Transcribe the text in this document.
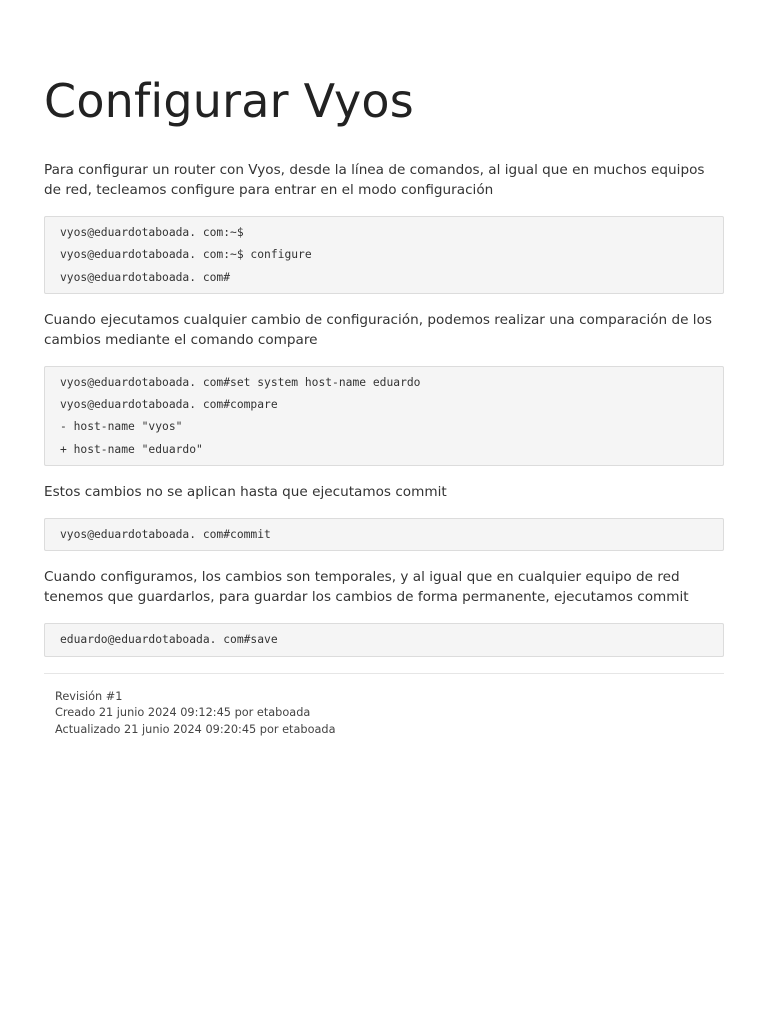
Configurar Vyos

Para configurar un router con Vyos, desde la línea de comandos, al igual que en muchos equipos de red, tecleamos configure para entrar en el modo configuración

vyos@eduardotaboada. com:~$
vyos@eduardotaboada. com:~$ configure
vyos@eduardotaboada. com#

Cuando ejecutamos cualquier cambio de configuración, podemos realizar una comparación de los cambios mediante el comando compare

vyos@eduardotaboada. com#set system host-name eduardo
vyos@eduardotaboada. com#compare
- host-name "vyos"
+ host-name "eduardo"

Estos cambios no se aplican hasta que ejecutamos commit

vyos@eduardotaboada. com#commit

Cuando configuramos, los cambios son temporales, y al igual que en cualquier equipo de red tenemos que guardarlos, para guardar los cambios de forma permanente, ejecutamos commit

eduardo@eduardotaboada. com#save
Revisión #1
Creado 21 junio 2024 09:12:45 por etaboada
Actualizado 21 junio 2024 09:20:45 por etaboada
